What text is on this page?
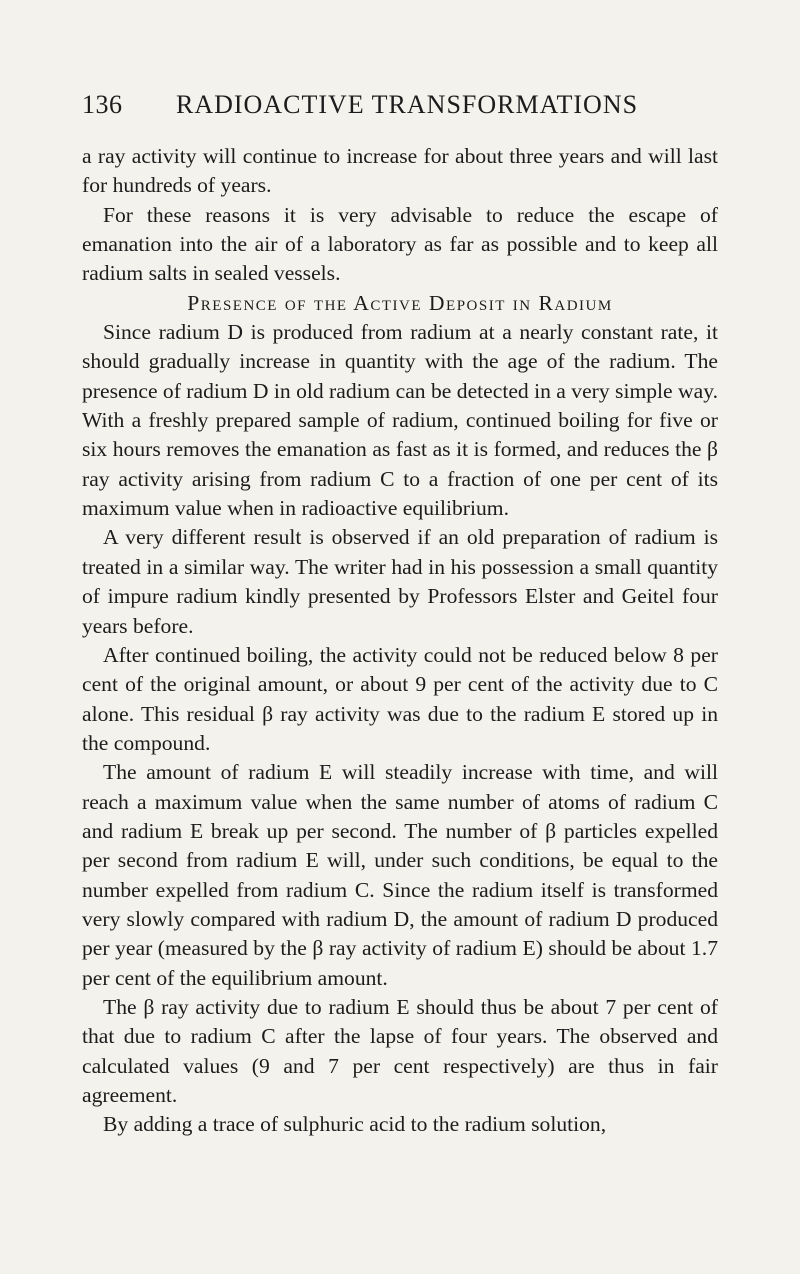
136 RADIOACTIVE TRANSFORMATIONS

a ray activity will continue to increase for about three years and will last for hundreds of years.

For these reasons it is very advisable to reduce the escape of emanation into the air of a laboratory as far as possible and to keep all radium salts in sealed vessels.

Presence of the Active Deposit in Radium

Since radium D is produced from radium at a nearly constant rate, it should gradually increase in quantity with the age of the radium. The presence of radium D in old radium can be detected in a very simple way. With a freshly prepared sample of radium, continued boiling for five or six hours removes the emanation as fast as it is formed, and reduces the β ray activity arising from radium C to a fraction of one per cent of its maximum value when in radioactive equilibrium.

A very different result is observed if an old preparation of radium is treated in a similar way. The writer had in his possession a small quantity of impure radium kindly presented by Professors Elster and Geitel four years before.

After continued boiling, the activity could not be reduced below 8 per cent of the original amount, or about 9 per cent of the activity due to C alone. This residual β ray activity was due to the radium E stored up in the compound.

The amount of radium E will steadily increase with time, and will reach a maximum value when the same number of atoms of radium C and radium E break up per second. The number of β particles expelled per second from radium E will, under such conditions, be equal to the number expelled from radium C. Since the radium itself is transformed very slowly compared with radium D, the amount of radium D produced per year (measured by the β ray activity of radium E) should be about 1.7 per cent of the equilibrium amount.

The β ray activity due to radium E should thus be about 7 per cent of that due to radium C after the lapse of four years. The observed and calculated values (9 and 7 per cent respectively) are thus in fair agreement.

By adding a trace of sulphuric acid to the radium solution,
